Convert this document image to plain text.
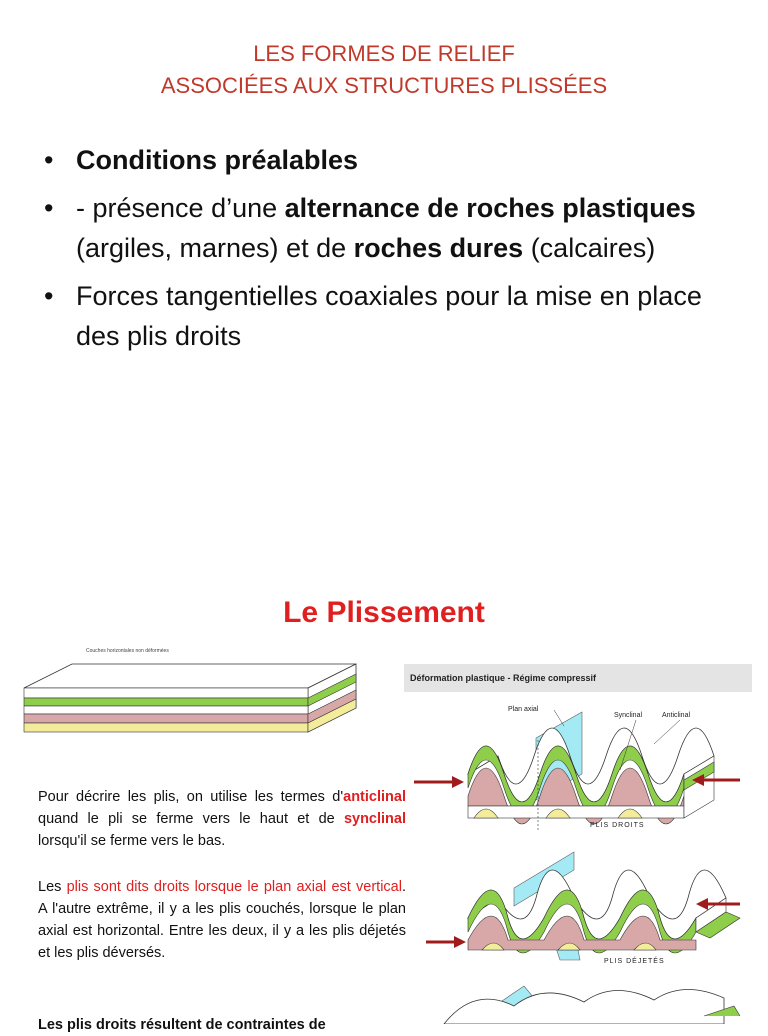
LES FORMES DE RELIEF
ASSOCIÉES AUX STRUCTURES PLISSÉES
• Conditions préalables
• - présence d’une alternance de roches plastiques (argiles, marnes) et de roches dures (calcaires)
• Forces tangentielles coaxiales pour la mise en place des plis droits
Le Plissement
Couches horizontales non déformées
Pour décrire les plis, on utilise les termes d'anticlinal quand le pli se ferme vers le haut et de synclinal lorsqu'il se ferme vers le bas.
Les plis sont dits droits lorsque le plan axial est vertical. A l'autre extrême, il y a les plis couchés, lorsque le plan axial est horizontal. Entre les deux, il y a les plis déjetés et les plis déversés.
Les plis droits résultent de contraintes de
Déformation plastique - Régime compressif
Plan axial
Synclinal	Anticlinal
PLIS DROITS
PLIS DÉJETÉS
